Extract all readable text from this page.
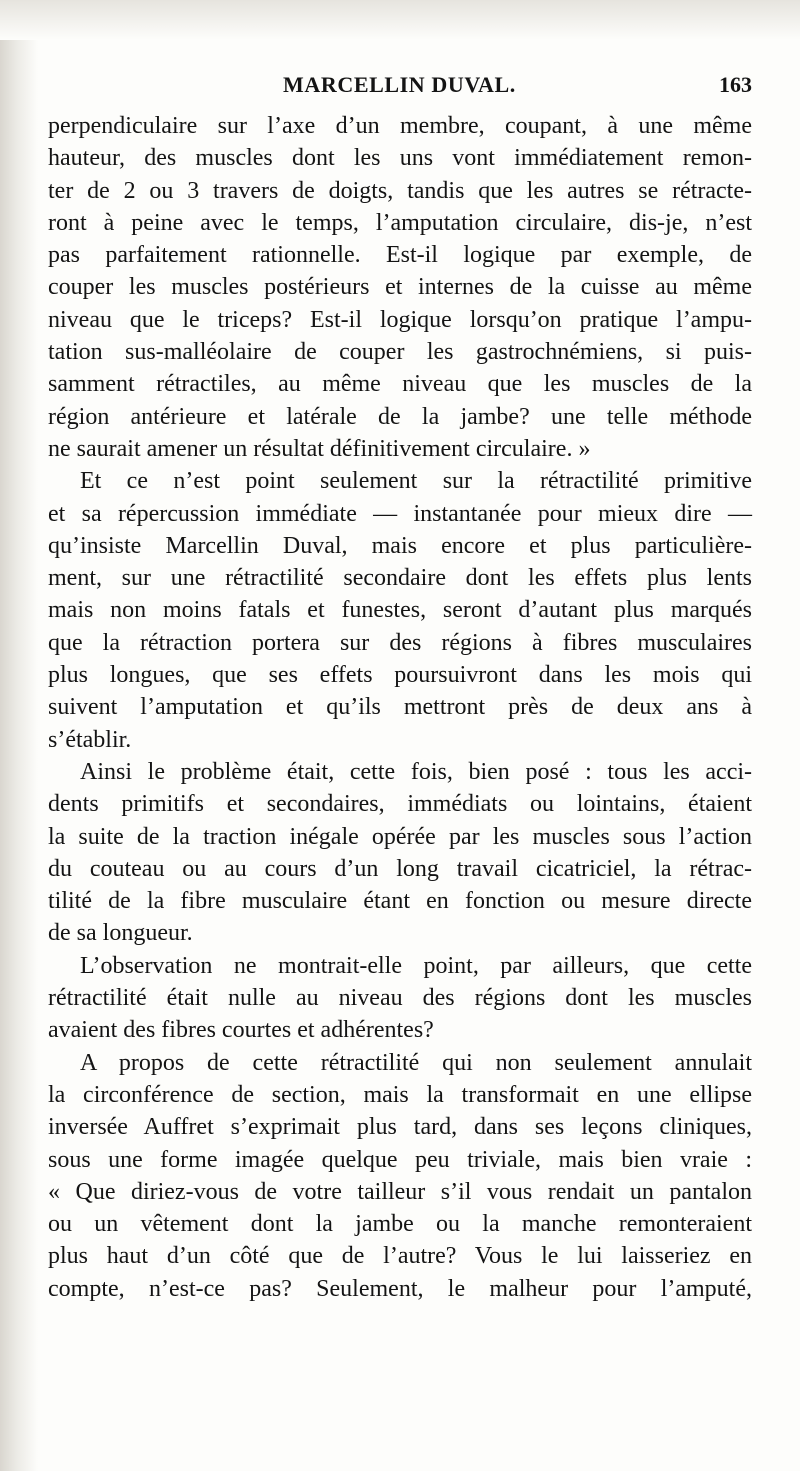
MARCELLIN DUVAL.	163
perpendiculaire sur l’axe d’un membre, coupant, à une même
hauteur, des muscles dont les uns vont immédiatement remon-
ter de 2 ou 3 travers de doigts, tandis que les autres se rétracte-
ront à peine avec le temps, l’amputation circulaire, dis-je, n’est
pas parfaitement rationnelle. Est-il logique par exemple, de
couper les muscles postérieurs et internes de la cuisse au même
niveau que le triceps? Est-il logique lorsqu’on pratique l’ampu-
tation sus-malléolaire de couper les gastrochnémiens, si puis-
samment rétractiles, au même niveau que les muscles de la
région antérieure et latérale de la jambe? une telle méthode
ne saurait amener un résultat définitivement circulaire. »
Et ce n’est point seulement sur la rétractilité primitive
et sa répercussion immédiate — instantanée pour mieux dire —
qu’insiste Marcellin Duval, mais encore et plus particulière-
ment, sur une rétractilité secondaire dont les effets plus lents
mais non moins fatals et funestes, seront d’autant plus marqués
que la rétraction portera sur des régions à fibres musculaires
plus longues, que ses effets poursuivront dans les mois qui
suivent l’amputation et qu’ils mettront près de deux ans à
s’établir.
Ainsi le problème était, cette fois, bien posé : tous les acci-
dents primitifs et secondaires, immédiats ou lointains, étaient
la suite de la traction inégale opérée par les muscles sous l’action
du couteau ou au cours d’un long travail cicatriciel, la rétrac-
tilité de la fibre musculaire étant en fonction ou mesure directe
de sa longueur.
L’observation ne montrait-elle point, par ailleurs, que cette
rétractilité était nulle au niveau des régions dont les muscles
avaient des fibres courtes et adhérentes?
A propos de cette rétractilité qui non seulement annulait
la circonférence de section, mais la transformait en une ellipse
inversée Auffret s’exprimait plus tard, dans ses leçons cliniques,
sous une forme imagée quelque peu triviale, mais bien vraie :
« Que diriez-vous de votre tailleur s’il vous rendait un pantalon
ou un vêtement dont la jambe ou la manche remonteraient
plus haut d’un côté que de l’autre? Vous le lui laisseriez en
compte, n’est-ce pas? Seulement, le malheur pour l’amputé,
